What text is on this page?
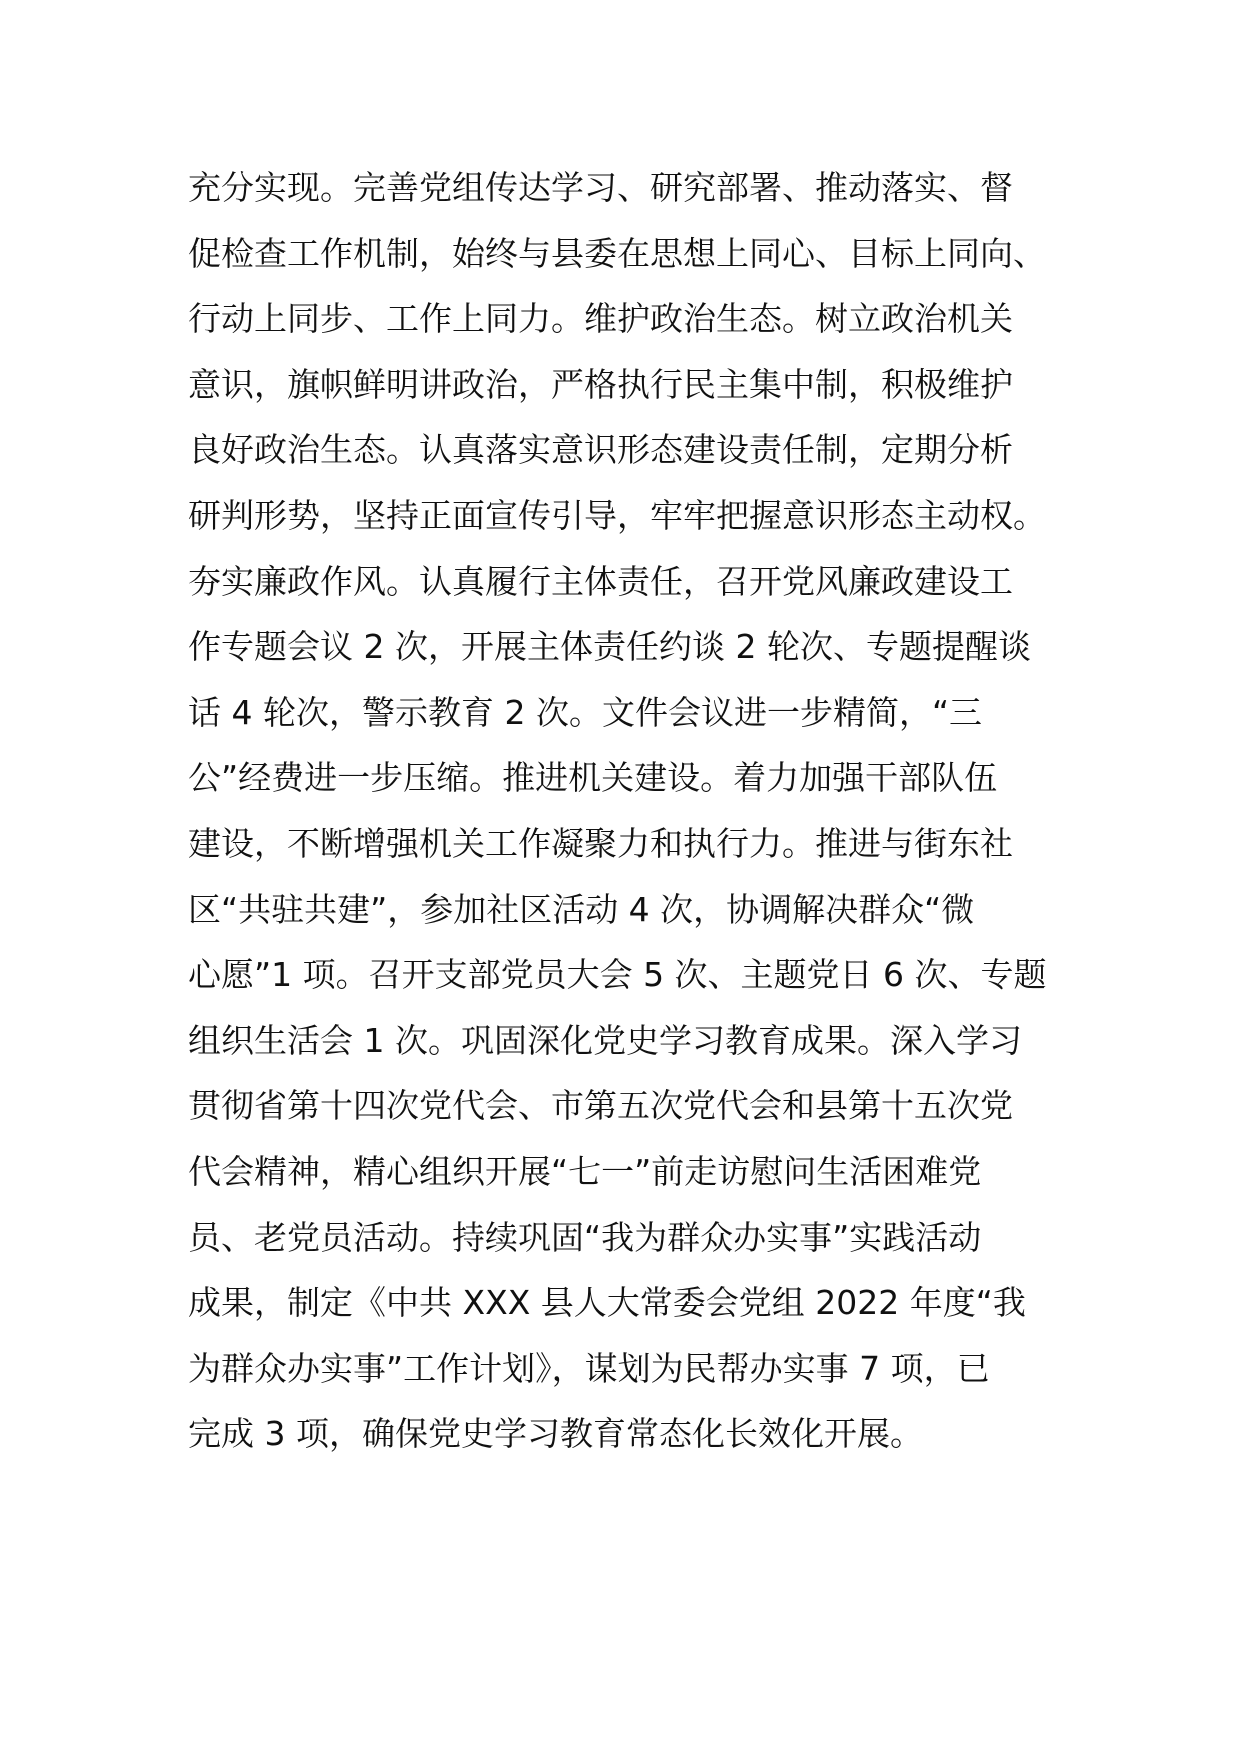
充分实现。完善党组传达学习、研究部署、推动落实、督
促检查工作机制，始终与县委在思想上同心、目标上同向、
行动上同步、工作上同力。维护政治生态。树立政治机关
意识，旗帜鲜明讲政治，严格执行民主集中制，积极维护
良好政治生态。认真落实意识形态建设责任制，定期分析
研判形势，坚持正面宣传引导，牢牢把握意识形态主动权。
夯实廉政作风。认真履行主体责任，召开党风廉政建设工
作专题会议 2 次，开展主体责任约谈 2 轮次、专题提醒谈
话 4 轮次，警示教育 2 次。文件会议进一步精简，“三
公”经费进一步压缩。推进机关建设。着力加强干部队伍
建设，不断增强机关工作凝聚力和执行力。推进与街东社
区“共驻共建”，参加社区活动 4 次，协调解决群众“微
心愿”1 项。召开支部党员大会 5 次、主题党日 6 次、专题
组织生活会 1 次。巩固深化党史学习教育成果。深入学习
贯彻省第十四次党代会、市第五次党代会和县第十五次党
代会精神，精心组织开展“七一”前走访慰问生活困难党
员、老党员活动。持续巩固“我为群众办实事”实践活动
成果，制定《中共 XXX 县人大常委会党组 2022 年度“我
为群众办实事”工作计划》，谋划为民帮办实事 7 项，已
完成 3 项，确保党史学习教育常态化长效化开展。
